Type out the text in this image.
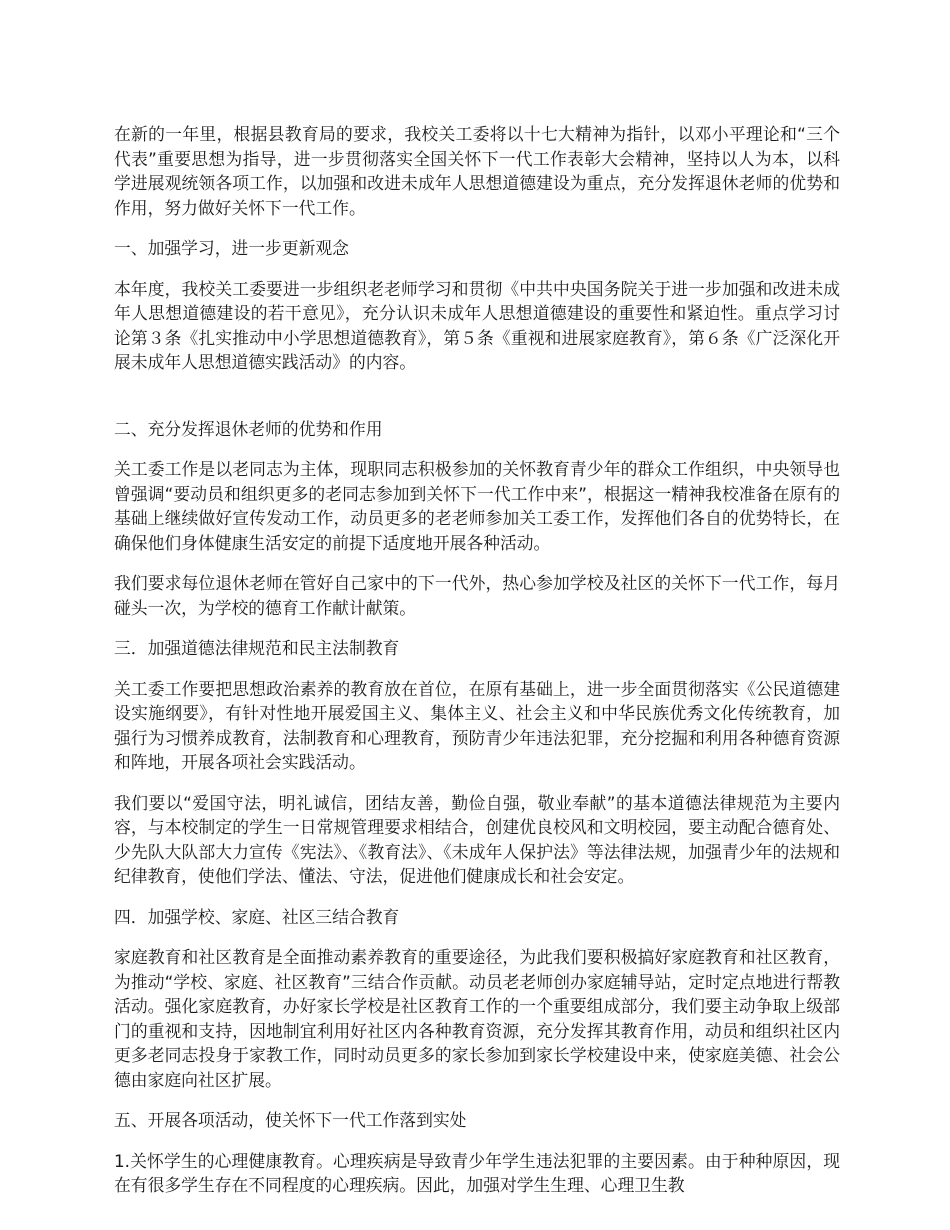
在新的一年里，根据县教育局的要求，我校关工委将以十七大精神为指针，以邓小平理论和“三个代表”重要思想为指导，进一步贯彻落实全国关怀下一代工作表彰大会精神，坚持以人为本，以科学进展观统领各项工作，以加强和改进未成年人思想道德建设为重点，充分发挥退休老师的优势和作用，努力做好关怀下一代工作。

一、加强学习，进一步更新观念

本年度，我校关工委要进一步组织老老师学习和贯彻《中共中央国务院关于进一步加强和改进未成年人思想道德建设的若干意见》，充分认识未成年人思想道德建设的重要性和紧迫性。重点学习讨论第３条《扎实推动中小学思想道德教育》，第５条《重视和进展家庭教育》，第６条《广泛深化开展未成年人思想道德实践活动》的内容。

二、充分发挥退休老师的优势和作用

关工委工作是以老同志为主体，现职同志积极参加的关怀教育青少年的群众工作组织，中央领导也曾强调“要动员和组织更多的老同志参加到关怀下一代工作中来”，根据这一精神我校准备在原有的基础上继续做好宣传发动工作，动员更多的老老师参加关工委工作，发挥他们各自的优势特长，在确保他们身体健康生活安定的前提下适度地开展各种活动。

我们要求每位退休老师在管好自己家中的下一代外，热心参加学校及社区的关怀下一代工作，每月碰头一次，为学校的德育工作献计献策。

三．加强道德法律规范和民主法制教育

关工委工作要把思想政治素养的教育放在首位，在原有基础上，进一步全面贯彻落实《公民道德建设实施纲要》，有针对性地开展爱国主义、集体主义、社会主义和中华民族优秀文化传统教育，加强行为习惯养成教育，法制教育和心理教育，预防青少年违法犯罪，充分挖掘和利用各种德育资源和阵地，开展各项社会实践活动。

我们要以“爱国守法，明礼诚信，团结友善，勤俭自强，敬业奉献”的基本道德法律规范为主要内容，与本校制定的学生一日常规管理要求相结合，创建优良校风和文明校园，要主动配合德育处、少先队大队部大力宣传《宪法》、《教育法》、《未成年人保护法》等法律法规，加强青少年的法规和纪律教育，使他们学法、懂法、守法，促进他们健康成长和社会安定。

四．加强学校、家庭、社区三结合教育

家庭教育和社区教育是全面推动素养教育的重要途径，为此我们要积极搞好家庭教育和社区教育，为推动“学校、家庭、社区教育”三结合作贡献。动员老老师创办家庭辅导站，定时定点地进行帮教活动。强化家庭教育，办好家长学校是社区教育工作的一个重要组成部分，我们要主动争取上级部门的重视和支持，因地制宜利用好社区内各种教育资源，充分发挥其教育作用，动员和组织社区内更多老同志投身于家教工作，同时动员更多的家长参加到家长学校建设中来，使家庭美德、社会公德由家庭向社区扩展。

五、开展各项活动，使关怀下一代工作落到实处

1.关怀学生的心理健康教育。心理疾病是导致青少年学生违法犯罪的主要因素。由于种种原因，现在有很多学生存在不同程度的心理疾病。因此，加强对学生生理、心理卫生教
